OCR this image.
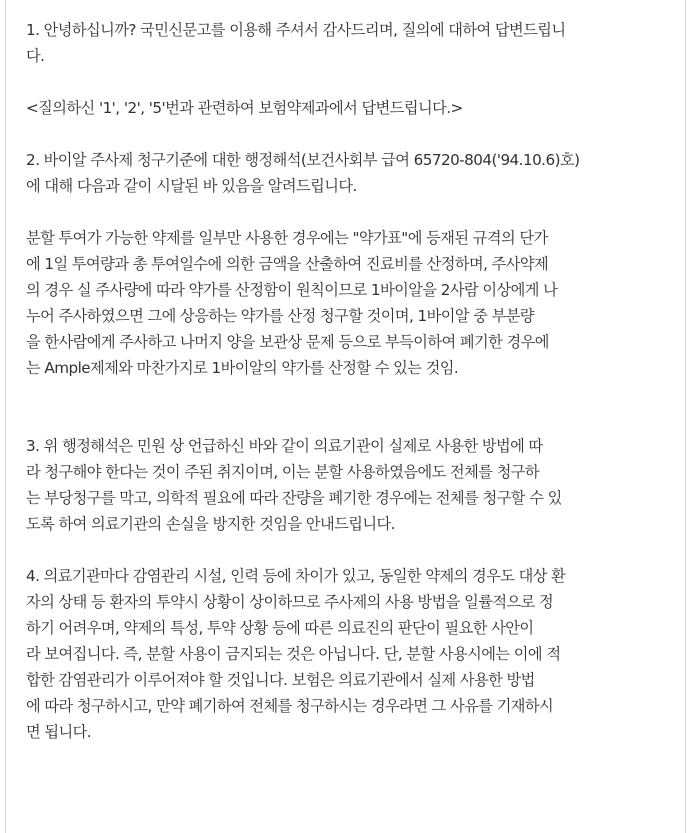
1. 안녕하십니까? 국민신문고를 이용해 주셔서 감사드리며, 질의에 대하여 답변드립니
다.

<질의하신 '1', '2', '5'번과 관련하여 보험약제과에서 답변드립니다.>

2. 바이알 주사제 청구기준에 대한 행정해석(보건사회부 급여 65720-804('94.10.6)호)
에 대해 다음과 같이 시달된 바 있음을 알려드립니다.

분할 투여가 가능한 약제를 일부만 사용한 경우에는 "약가표"에 등재된 규격의 단가
에 1일 투여량과 총 투여일수에 의한 금액을 산출하여 진료비를 산정하며, 주사약제
의 경우 실 주사량에 따라 약가를 산정함이 원칙이므로 1바이알을 2사람 이상에게 나
누어 주사하였으면 그에 상응하는 약가를 산정 청구할 것이며, 1바이알 중 부분량
을 한사람에게 주사하고 나머지 양을 보관상 문제 등으로 부득이하여 폐기한 경우에
는 Ample제제와 마찬가지로 1바이알의 약가를 산정할 수 있는 것임.

3. 위 행정해석은 민원 상 언급하신 바와 같이 의료기관이 실제로 사용한 방법에 따
라 청구해야 한다는 것이 주된 취지이며, 이는 분할 사용하였음에도 전체를 청구하
는 부당청구를 막고, 의학적 필요에 따라 잔량을 폐기한 경우에는 전체를 청구할 수 있
도록 하여 의료기관의 손실을 방지한 것임을 안내드립니다.

4. 의료기관마다 감염관리 시설, 인력 등에 차이가 있고, 동일한 약제의 경우도 대상 환
자의 상태 등 환자의 투약시 상황이 상이하므로 주사제의 사용 방법을 일률적으로 정
하기 어려우며, 약제의 특성, 투약 상황 등에 따른 의료진의 판단이 필요한 사안이
라 보여집니다. 즉, 분할 사용이 금지되는 것은 아닙니다. 단, 분할 사용시에는 이에 적
합한 감염관리가 이루어져야 할 것입니다. 보험은 의료기관에서 실제 사용한 방법
에 따라 청구하시고, 만약 폐기하여 전체를 청구하시는 경우라면 그 사유를 기재하시
면 됩니다.
